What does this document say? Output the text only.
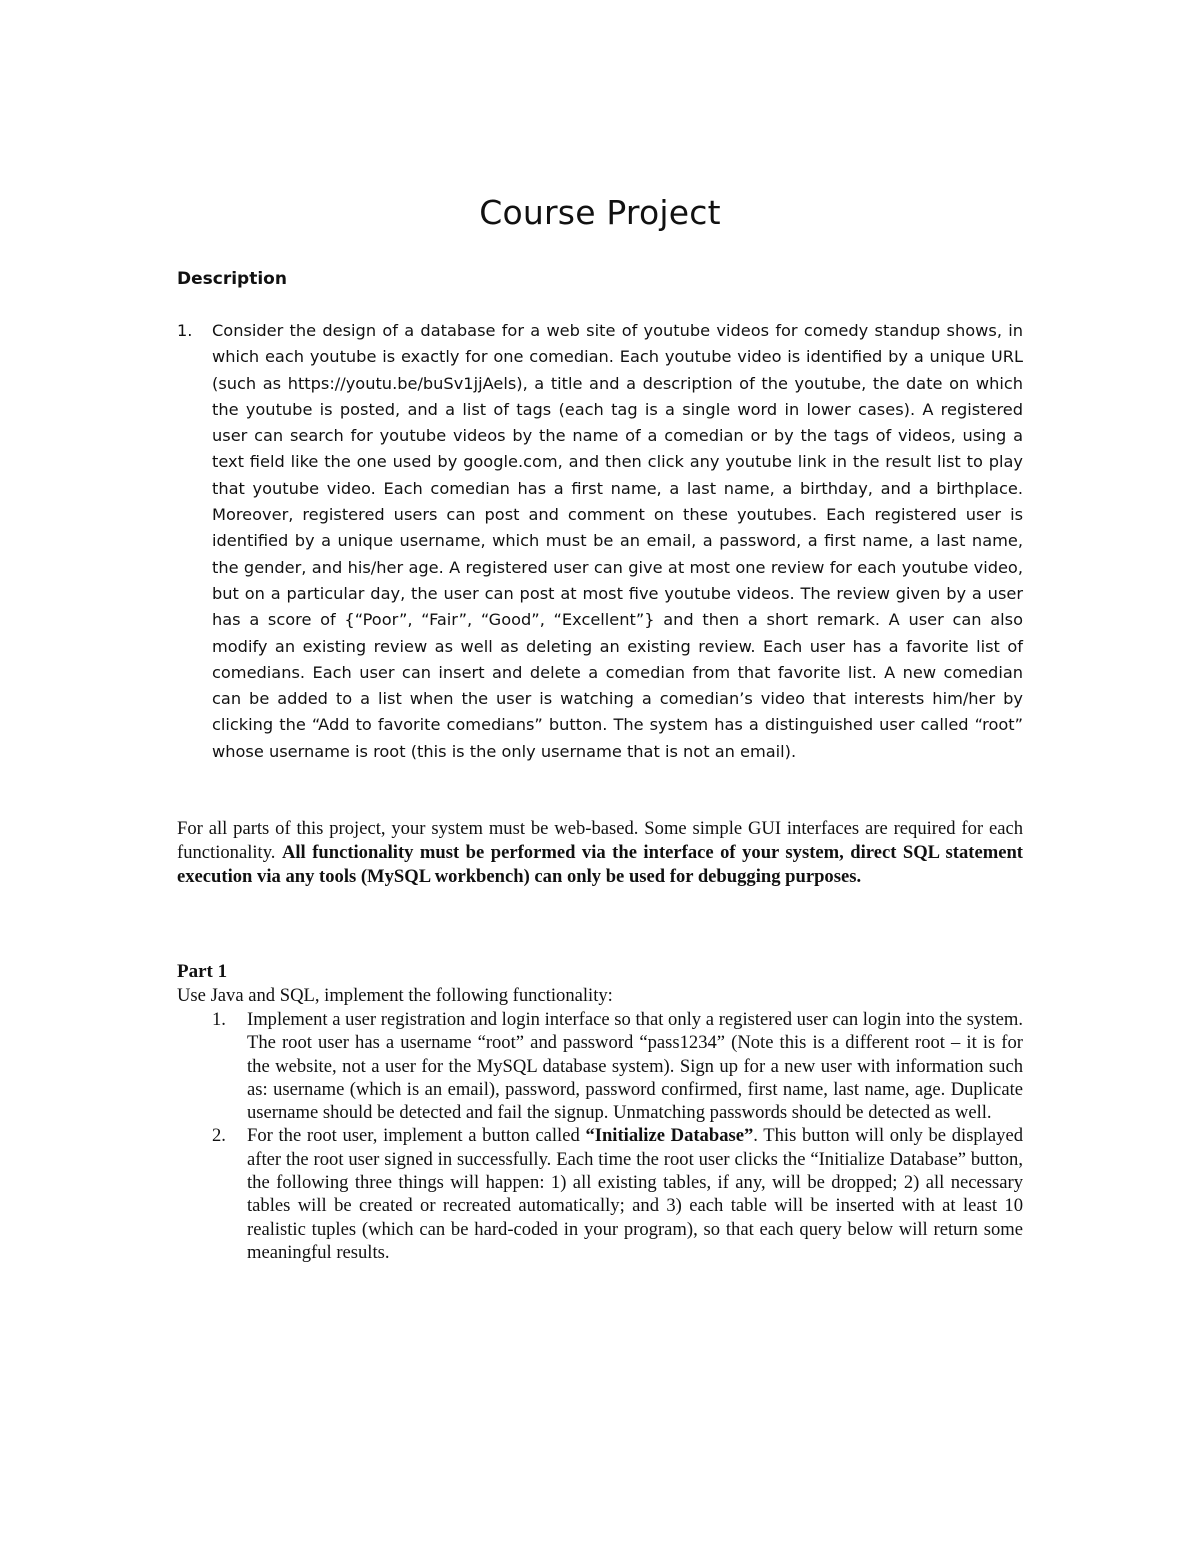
Course Project
Description
1. Consider the design of a database for a web site of youtube videos for comedy standup shows, in which each youtube is exactly for one comedian. Each youtube video is identified by a unique URL (such as https://youtu.be/buSv1jjAels), a title and a description of the youtube, the date on which the youtube is posted, and a list of tags (each tag is a single word in lower cases). A registered user can search for youtube videos by the name of a comedian or by the tags of videos, using a text field like the one used by google.com, and then click any youtube link in the result list to play that youtube video. Each comedian has a first name, a last name, a birthday, and a birthplace. Moreover, registered users can post and comment on these youtubes. Each registered user is identified by a unique username, which must be an email, a password, a first name, a last name, the gender, and his/her age. A registered user can give at most one review for each youtube video, but on a particular day, the user can post at most five youtube videos. The review given by a user has a score of {“Poor”, “Fair”, “Good”, “Excellent”} and then a short remark. A user can also modify an existing review as well as deleting an existing review. Each user has a favorite list of comedians. Each user can insert and delete a comedian from that favorite list. A new comedian can be added to a list when the user is watching a comedian’s video that interests him/her by clicking the “Add to favorite comedians” button. The system has a distinguished user called “root” whose username is root (this is the only username that is not an email).
For all parts of this project, your system must be web-based. Some simple GUI interfaces are required for each functionality. All functionality must be performed via the interface of your system, direct SQL statement execution via any tools (MySQL workbench) can only be used for debugging purposes.
Part 1
Use Java and SQL, implement the following functionality:
1. Implement a user registration and login interface so that only a registered user can login into the system. The root user has a username “root” and password “pass1234” (Note this is a different root – it is for the website, not a user for the MySQL database system). Sign up for a new user with information such as: username (which is an email), password, password confirmed, first name, last name, age. Duplicate username should be detected and fail the signup. Unmatching passwords should be detected as well.
2. For the root user, implement a button called “Initialize Database”. This button will only be displayed after the root user signed in successfully. Each time the root user clicks the “Initialize Database” button, the following three things will happen: 1) all existing tables, if any, will be dropped; 2) all necessary tables will be created or recreated automatically; and 3) each table will be inserted with at least 10 realistic tuples (which can be hard-coded in your program), so that each query below will return some meaningful results.
